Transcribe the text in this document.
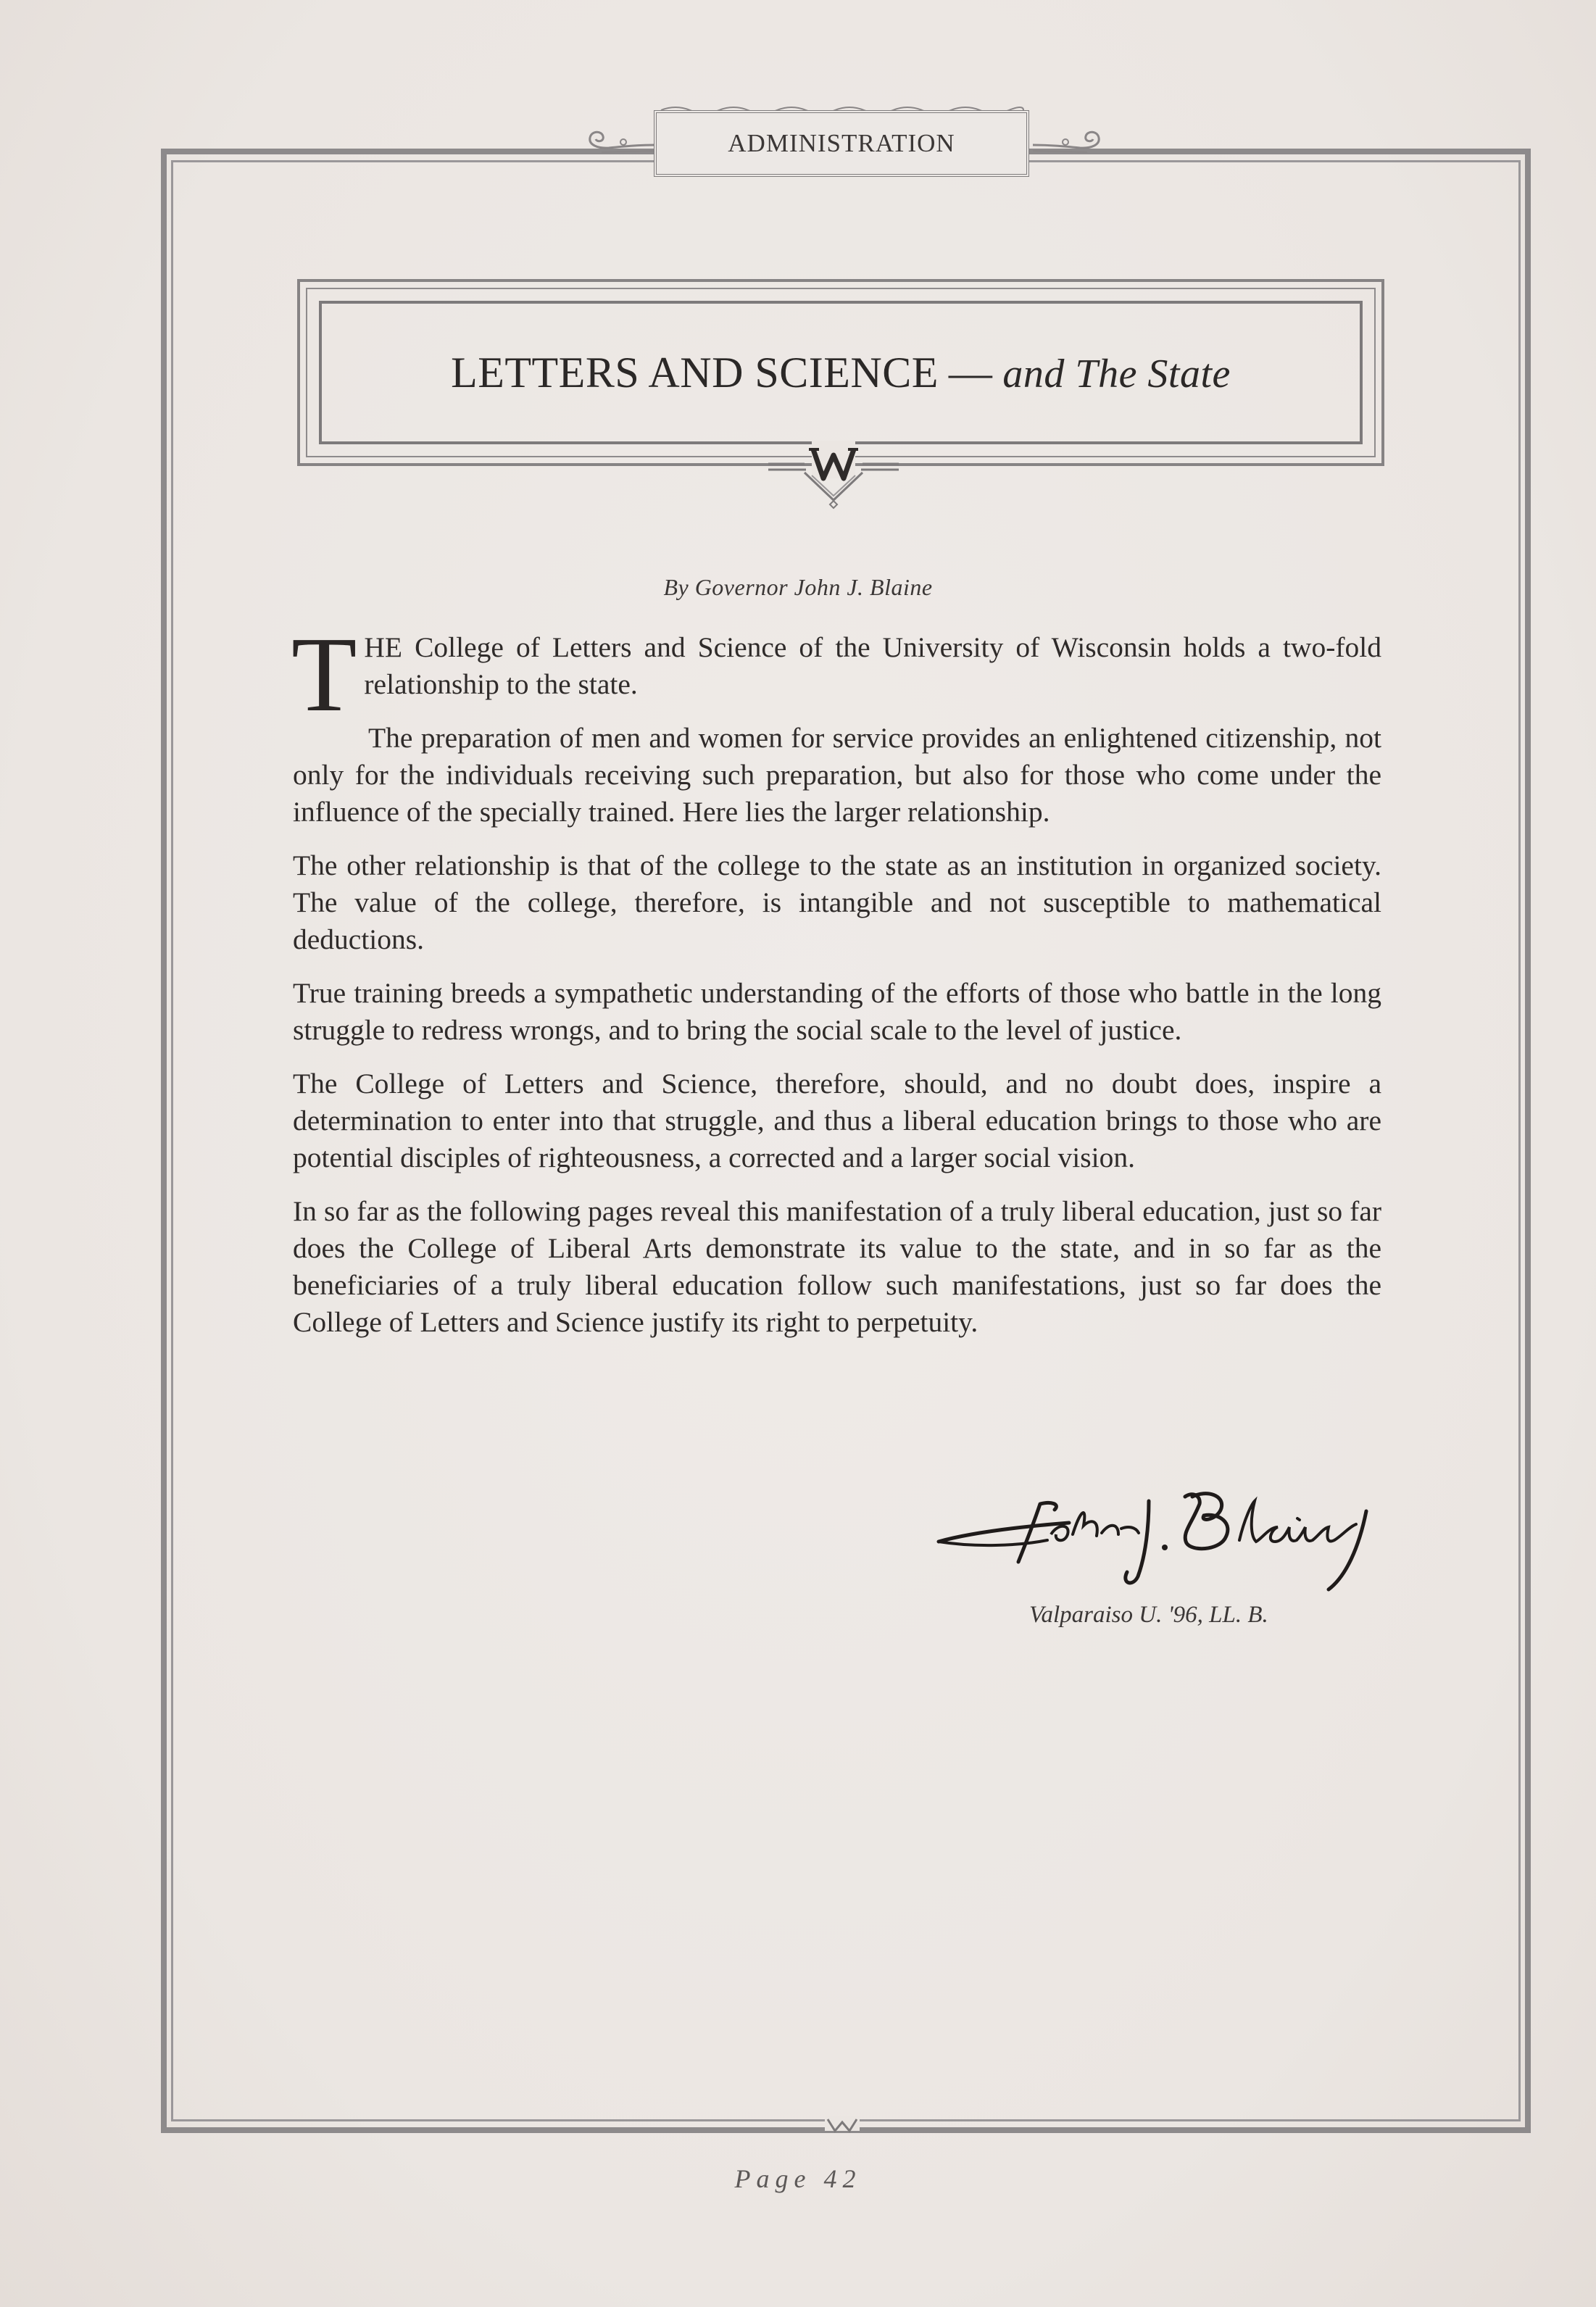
ADMINISTRATION
LETTERS AND SCIENCE — and The State
By Governor John J. Blaine

THE College of Letters and Science of the University of Wisconsin holds a two-fold relationship to the state.

The preparation of men and women for service provides an enlightened citizenship, not only for the individuals receiving such preparation, but also for those who come under the influence of the specially trained. Here lies the larger relationship.

The other relationship is that of the college to the state as an institution in organized society. The value of the college, therefore, is intangible and not susceptible to mathematical deductions.

True training breeds a sympathetic understanding of the efforts of those who battle in the long struggle to redress wrongs, and to bring the social scale to the level of justice.

The College of Letters and Science, therefore, should, and no doubt does, inspire a determination to enter into that struggle, and thus a liberal education brings to those who are potential disciples of righteousness, a corrected and a larger social vision.

In so far as the following pages reveal this manifestation of a truly liberal education, just so far does the College of Liberal Arts demonstrate its value to the state, and in so far as the beneficiaries of a truly liberal education follow such manifestations, just so far does the College of Letters and Science justify its right to perpetuity.

Valparaiso U. '96, LL. B.
Page 42
